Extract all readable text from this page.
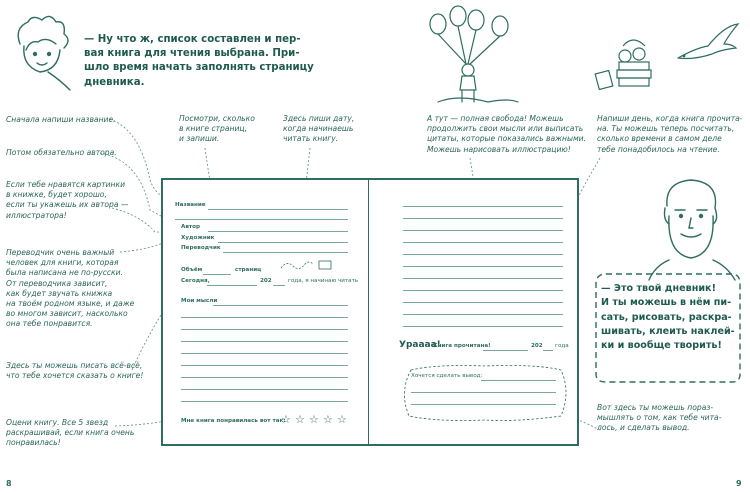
— Ну что ж, список составлен и пер-
вая книга для чтения выбрана. При-
шло время начать заполнять страницу
дневника.
— Это твой дневник!
И ты можешь в нём пи-
сать, рисовать, раскра-
шивать, клеить наклей-
ки и вообще творить!
Сначала напиши название.
Потом обязательно автора.
Если тебе нравятся картинки
в книжке, будет хорошо,
если ты укажешь их автора —
иллюстратора!
Переводчик очень важный
человек для книги, которая
была написана не по-русски.
От переводчика зависит,
как будет звучать книжка
на твоём родном языке, и даже
во многом зависит, насколько
она тебе понравится.
Здесь ты можешь писать всё-всё,
что тебе хочется сказать о книге!
Оцени книгу. Все 5 звезд
раскрашивай, если книга очень
понравилась!
Посмотри, сколько
в книге страниц,
и запиши.
Здесь пиши дату,
когда начинаешь
читать книгу.
А тут — полная свобода! Можешь
продолжить свои мысли или выписать
цитаты, которые показались важными.
Можешь нарисовать иллюстрацию!
Напиши день, когда книга прочита-
на. Ты можешь теперь посчитать,
сколько времени в самом деле
тебе понадобилось на чтение.
Вот здесь ты можешь пораз-
мышлять о том, как тебе чита-
лось, и сделать вывод.
Название
Автор
Художник
Переводчик
Объём	страниц
Сегодня,	202	года, я начинаю читать
Мои мысли
Мне книга понравилась вот так:
☆ ☆ ☆ ☆ ☆
Ураааа!
Книга прочитана!	202 года
Хочется сделать вывод:
8	9
